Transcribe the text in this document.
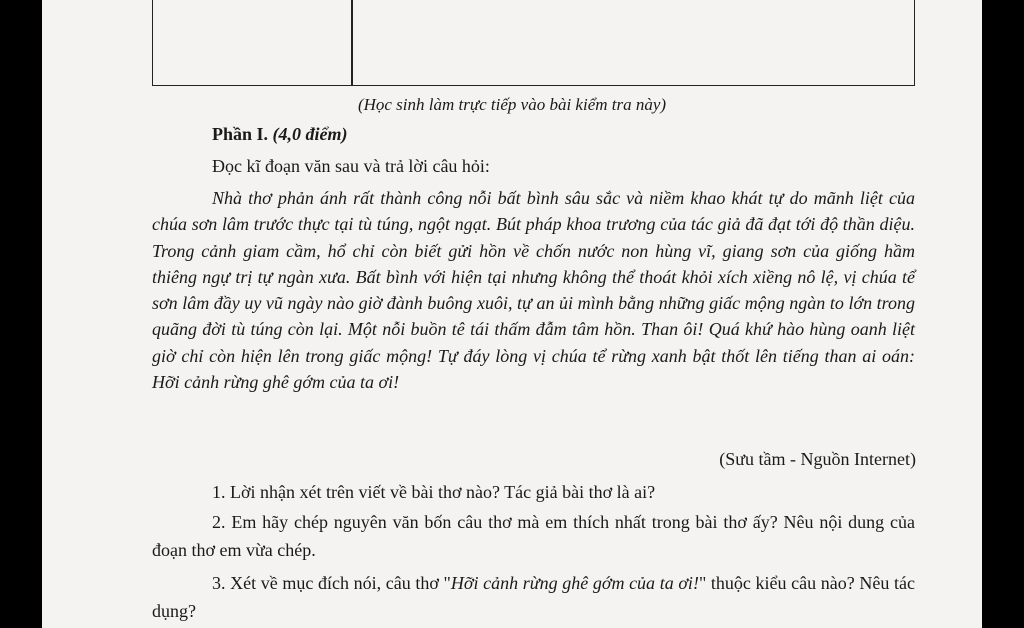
(Học sinh làm trực tiếp vào bài kiểm tra này)
Phần I. (4,0 điểm)
Đọc kĩ đoạn văn sau và trả lời câu hỏi:

Nhà thơ phản ánh rất thành công nỗi bất bình sâu sắc và niềm khao khát tự do mãnh liệt của chúa sơn lâm trước thực tại tù túng, ngột ngạt. Bút pháp khoa trương của tác giả đã đạt tới độ thần diệu. Trong cảnh giam cầm, hổ chỉ còn biết gửi hồn về chốn nước non hùng vĩ, giang sơn của giống hầm thiêng ngự trị tự ngàn xưa. Bất bình với hiện tại nhưng không thể thoát khỏi xích xiềng nô lệ, vị chúa tể sơn lâm đầy uy vũ ngày nào giờ đành buông xuôi, tự an ủi mình bằng những giấc mộng ngàn to lớn trong quãng đời tù túng còn lại. Một nỗi buồn tê tái thấm đẫm tâm hồn. Than ôi! Quá khứ hào hùng oanh liệt giờ chỉ còn hiện lên trong giấc mộng! Tự đáy lòng vị chúa tể rừng xanh bật thốt lên tiếng than ai oán: Hỡi cảnh rừng ghê gớm của ta ơi!

(Sưu tầm - Nguồn Internet)

1. Lời nhận xét trên viết về bài thơ nào? Tác giả bài thơ là ai?

2. Em hãy chép nguyên văn bốn câu thơ mà em thích nhất trong bài thơ ấy? Nêu nội dung của đoạn thơ em vừa chép.

3. Xét về mục đích nói, câu thơ "Hỡi cảnh rừng ghê gớm của ta ơi!" thuộc kiểu câu nào? Nêu tác dụng?
